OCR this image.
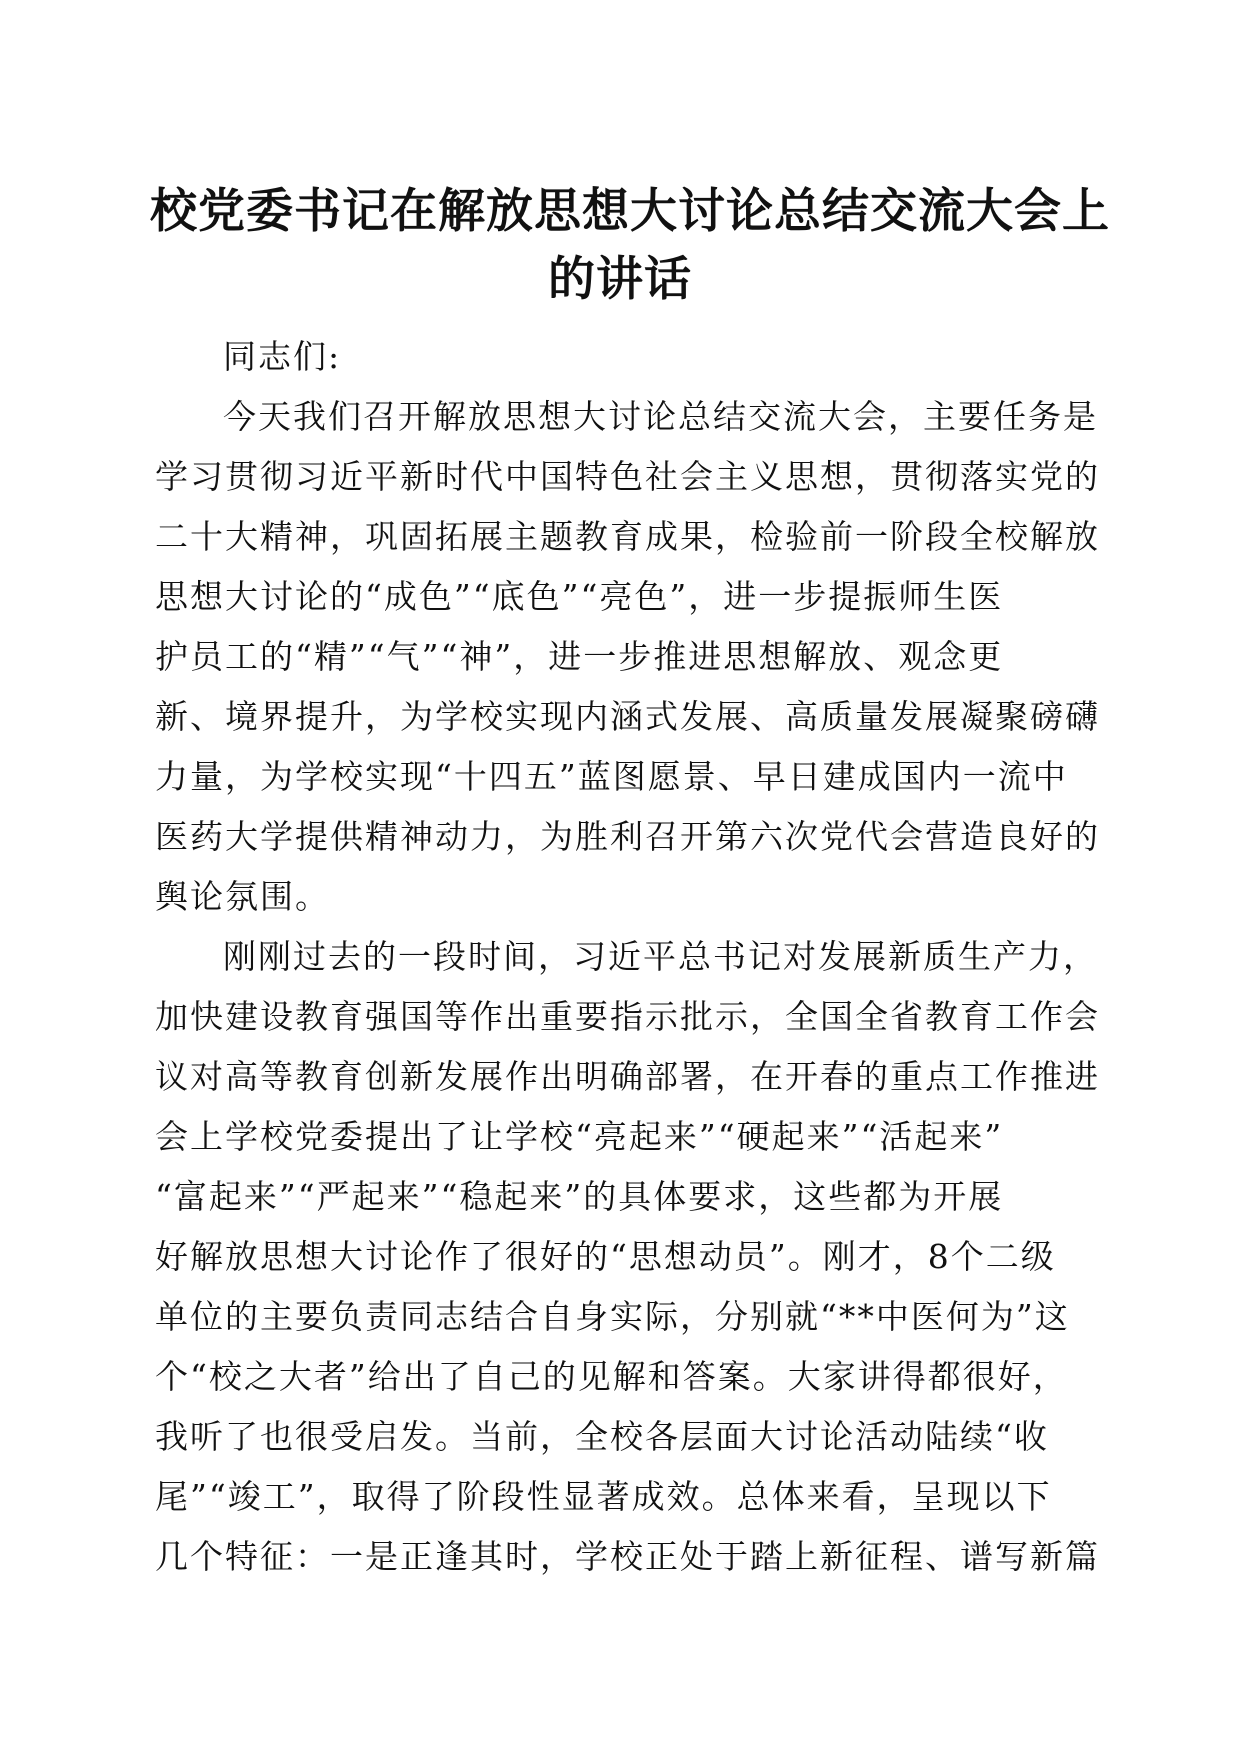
校党委书记在解放思想大讨论总结交流大会上
的讲话
同志们:
今天我们召开解放思想大讨论总结交流大会，主要任务是
学习贯彻习近平新时代中国特色社会主义思想，贯彻落实党的
二十大精神，巩固拓展主题教育成果，检验前一阶段全校解放
思想大讨论的“成色”“底色”“亮色”，进一步提振师生医
护员工的“精”“气”“神”，进一步推进思想解放、观念更
新、境界提升，为学校实现内涵式发展、高质量发展凝聚磅礴
力量，为学校实现“十四五”蓝图愿景、早日建成国内一流中
医药大学提供精神动力，为胜利召开第六次党代会营造良好的
舆论氛围。
刚刚过去的一段时间，习近平总书记对发展新质生产力，
加快建设教育强国等作出重要指示批示，全国全省教育工作会
议对高等教育创新发展作出明确部署，在开春的重点工作推进
会上学校党委提出了让学校“亮起来”“硬起来”“活起来”
“富起来”“严起来”“稳起来”的具体要求，这些都为开展
好解放思想大讨论作了很好的“思想动员”。刚才，8个二级
单位的主要负责同志结合自身实际，分别就“**中医何为”这
个“校之大者”给出了自己的见解和答案。大家讲得都很好，
我听了也很受启发。当前，全校各层面大讨论活动陆续“收
尾”“竣工”，取得了阶段性显著成效。总体来看，呈现以下
几个特征：一是正逢其时，学校正处于踏上新征程、谱写新篇
